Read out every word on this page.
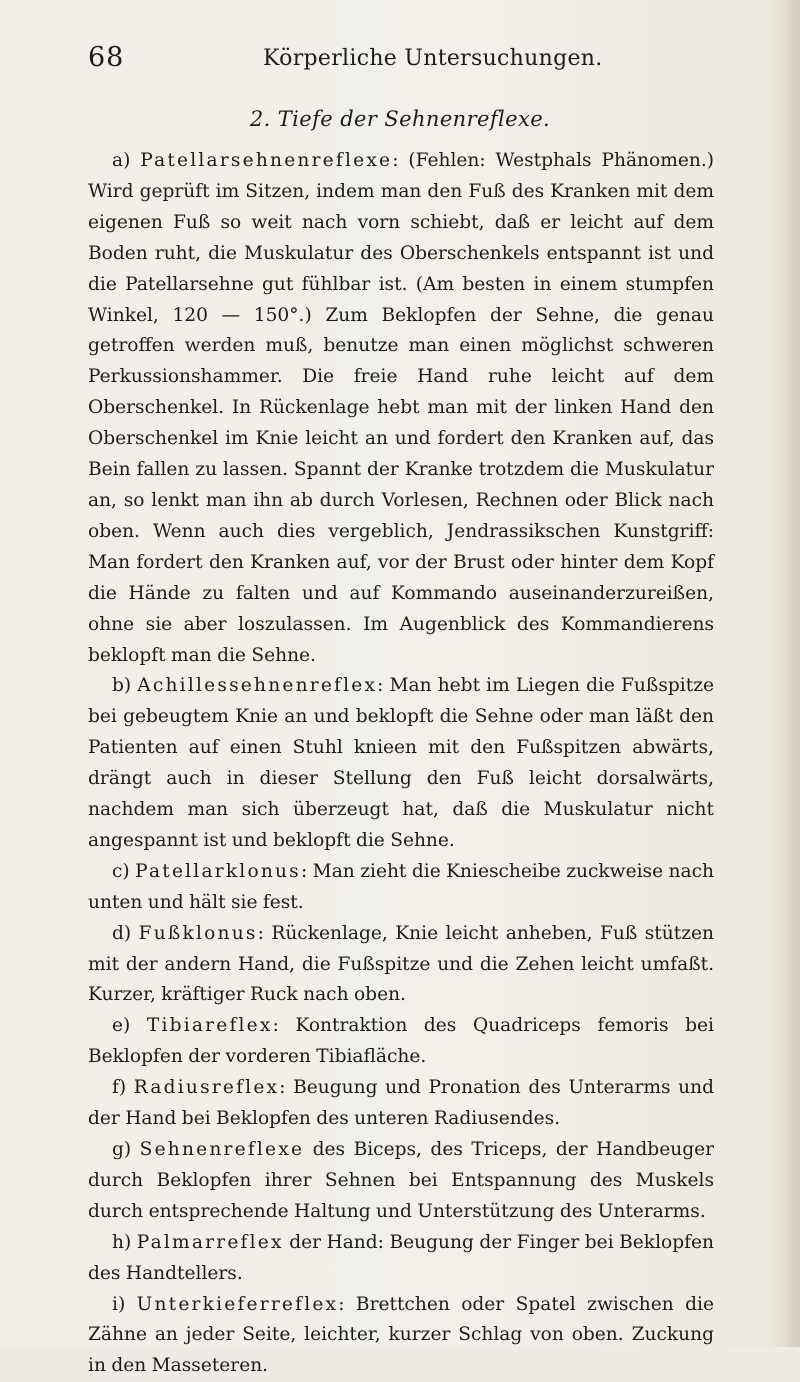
68	Körperliche Untersuchungen.
2. Tiefe der Sehnenreflexe.

a) Patellarsehnenreflexe: (Fehlen: Westphals Phänomen.) Wird geprüft im Sitzen, indem man den Fuß des Kranken mit dem eigenen Fuß so weit nach vorn schiebt, daß er leicht auf dem Boden ruht, die Muskulatur des Oberschenkels entspannt ist und die Patellarsehne gut fühlbar ist. (Am besten in einem stumpfen Winkel, 120 — 150°.) Zum Beklopfen der Sehne, die genau getroffen werden muß, benutze man einen möglichst schweren Perkussionshammer. Die freie Hand ruhe leicht auf dem Oberschenkel. In Rückenlage hebt man mit der linken Hand den Oberschenkel im Knie leicht an und fordert den Kranken auf, das Bein fallen zu lassen. Spannt der Kranke trotzdem die Muskulatur an, so lenkt man ihn ab durch Vorlesen, Rechnen oder Blick nach oben. Wenn auch dies vergeblich, Jendrassikschen Kunstgriff: Man fordert den Kranken auf, vor der Brust oder hinter dem Kopf die Hände zu falten und auf Kommando auseinanderzureißen, ohne sie aber loszulassen. Im Augenblick des Kommandierens beklopft man die Sehne.

b) Achillessehnenreflex: Man hebt im Liegen die Fußspitze bei gebeugtem Knie an und beklopft die Sehne oder man läßt den Patienten auf einen Stuhl knieen mit den Fußspitzen abwärts, drängt auch in dieser Stellung den Fuß leicht dorsalwärts, nachdem man sich überzeugt hat, daß die Muskulatur nicht angespannt ist und beklopft die Sehne.

c) Patellarklonus: Man zieht die Kniescheibe zuckweise nach unten und hält sie fest.

d) Fußklonus: Rückenlage, Knie leicht anheben, Fuß stützen mit der andern Hand, die Fußspitze und die Zehen leicht umfaßt. Kurzer, kräftiger Ruck nach oben.

e) Tibiareflex: Kontraktion des Quadriceps femoris bei Beklopfen der vorderen Tibiafläche.

f) Radiusreflex: Beugung und Pronation des Unterarms und der Hand bei Beklopfen des unteren Radiusendes.

g) Sehnenreflexe des Biceps, des Triceps, der Handbeuger durch Beklopfen ihrer Sehnen bei Entspannung des Muskels durch entsprechende Haltung und Unterstützung des Unterarms.

h) Palmarreflex der Hand: Beugung der Finger bei Beklopfen des Handtellers.

i) Unterkieferreflex: Brettchen oder Spatel zwischen die Zähne an jeder Seite, leichter, kurzer Schlag von oben. Zuckung in den Masseteren.
